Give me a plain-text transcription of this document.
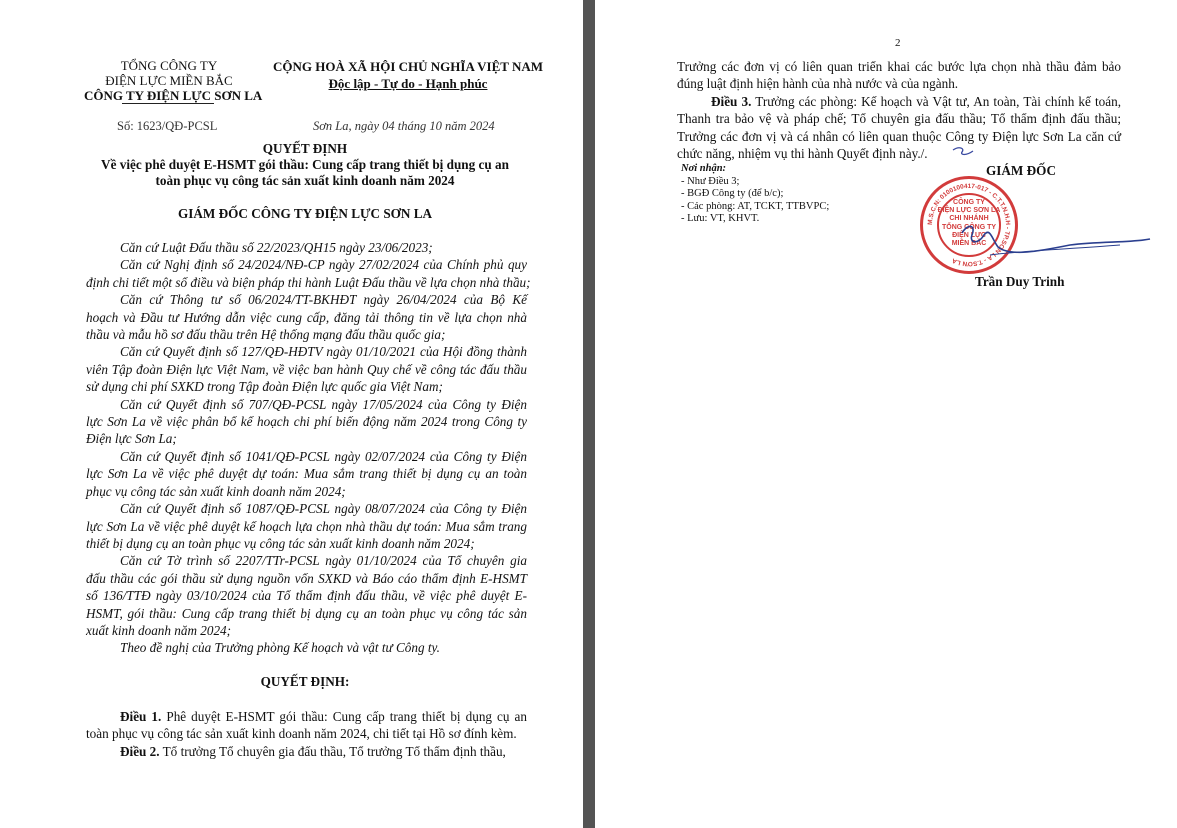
TỔNG CÔNG TY
ĐIỆN LỰC MIỀN BẮC
CÔNG TY ĐIỆN LỰC SƠN LA
CỘNG HOÀ XÃ HỘI CHỦ NGHĨA VIỆT NAM
Độc lập - Tự do - Hạnh phúc
Số: 1623/QĐ-PCSL	Sơn La, ngày 04 tháng 10 năm 2024
QUYẾT ĐỊNH
Về việc phê duyệt E-HSMT gói thầu: Cung cấp trang thiết bị dụng cụ an
toàn phục vụ công tác sản xuất kinh doanh năm 2024
GIÁM ĐỐC CÔNG TY ĐIỆN LỰC SƠN LA
Căn cứ Luật Đấu thầu số 22/2023/QH15 ngày 23/06/2023;
Căn cứ Nghị định số 24/2024/NĐ-CP ngày 27/02/2024 của Chính phủ quy
định chi tiết một số điều và biện pháp thi hành Luật Đấu thầu về lựa chọn nhà thầu;
Căn cứ Thông tư số 06/2024/TT-BKHĐT ngày 26/04/2024 của Bộ Kế
hoạch và Đầu tư Hướng dẫn việc cung cấp, đăng tải thông tin về lựa chọn nhà
thầu và mẫu hồ sơ đấu thầu trên Hệ thống mạng đấu thầu quốc gia;
Căn cứ Quyết định số 127/QĐ-HĐTV ngày 01/10/2021 của Hội đồng thành
viên Tập đoàn Điện lực Việt Nam, về việc ban hành Quy chế về công tác đấu thầu
sử dụng chi phí SXKD trong Tập đoàn Điện lực quốc gia Việt Nam;
Căn cứ Quyết định số 707/QĐ-PCSL ngày 17/05/2024 của Công ty Điện
lực Sơn La về việc phân bổ kế hoạch chi phí biến động năm 2024 trong Công ty
Điện lực Sơn La;
Căn cứ Quyết định số 1041/QĐ-PCSL ngày 02/07/2024 của Công ty Điện
lực Sơn La về việc phê duyệt dự toán: Mua sắm trang thiết bị dụng cụ an toàn
phục vụ công tác sản xuất kinh doanh năm 2024;
Căn cứ Quyết định số 1087/QĐ-PCSL ngày 08/07/2024 của Công ty Điện
lực Sơn La về việc phê duyệt kế hoạch lựa chọn nhà thầu dự toán: Mua sắm trang
thiết bị dụng cụ an toàn phục vụ công tác sản xuất kinh doanh năm 2024;
Căn cứ Tờ trình số 2207/TTr-PCSL ngày 01/10/2024 của Tổ chuyên gia
đấu thầu các gói thầu sử dụng nguồn vốn SXKD và Báo cáo thẩm định E-HSMT
số 136/TTĐ ngày 03/10/2024 của Tổ thẩm định đấu thầu, về việc phê duyệt E-
HSMT, gói thầu: Cung cấp trang thiết bị dụng cụ an toàn phục vụ công tác sản
xuất kinh doanh năm 2024;
Theo đề nghị của Trưởng phòng Kế hoạch và vật tư Công ty.
QUYẾT ĐỊNH:
Điều 1. Phê duyệt E-HSMT gói thầu: Cung cấp trang thiết bị dụng cụ an
toàn phục vụ công tác sản xuất kinh doanh năm 2024, chi tiết tại Hồ sơ đính kèm.
Điều 2. Tổ trưởng Tổ chuyên gia đấu thầu, Tổ trưởng Tổ thẩm định thầu,
2
Trưởng các đơn vị có liên quan triển khai các bước lựa chọn nhà thầu đảm bảo
đúng luật định hiện hành của nhà nước và của ngành.
Điều 3. Trưởng các phòng: Kế hoạch và Vật tư, An toàn, Tài chính kế toán,
Thanh tra bảo vệ và pháp chế; Tổ chuyên gia đấu thầu; Tổ thẩm định đấu thầu;
Trưởng các đơn vị và cá nhân có liên quan thuộc Công ty Điện lực Sơn La căn cứ
chức năng, nhiệm vụ thi hành Quyết định này./.
Nơi nhận:
- Như Điều 3;
- BGĐ Công ty (để b/c);
- Các phòng: AT, TCKT, TTBVPC;
- Lưu: VT, KHVT.
GIÁM ĐỐC
M.S.C.N: 0100100417-017 - C.T.T.N.H.H - TP.SƠN LA - T.SƠN LA
CÔNG TY
ĐIỆN LỰC SƠN LA
CHI NHÁNH
TỔNG CÔNG TY
ĐIỆN LỰC
MIỀN BẮC
Trần Duy Trinh
